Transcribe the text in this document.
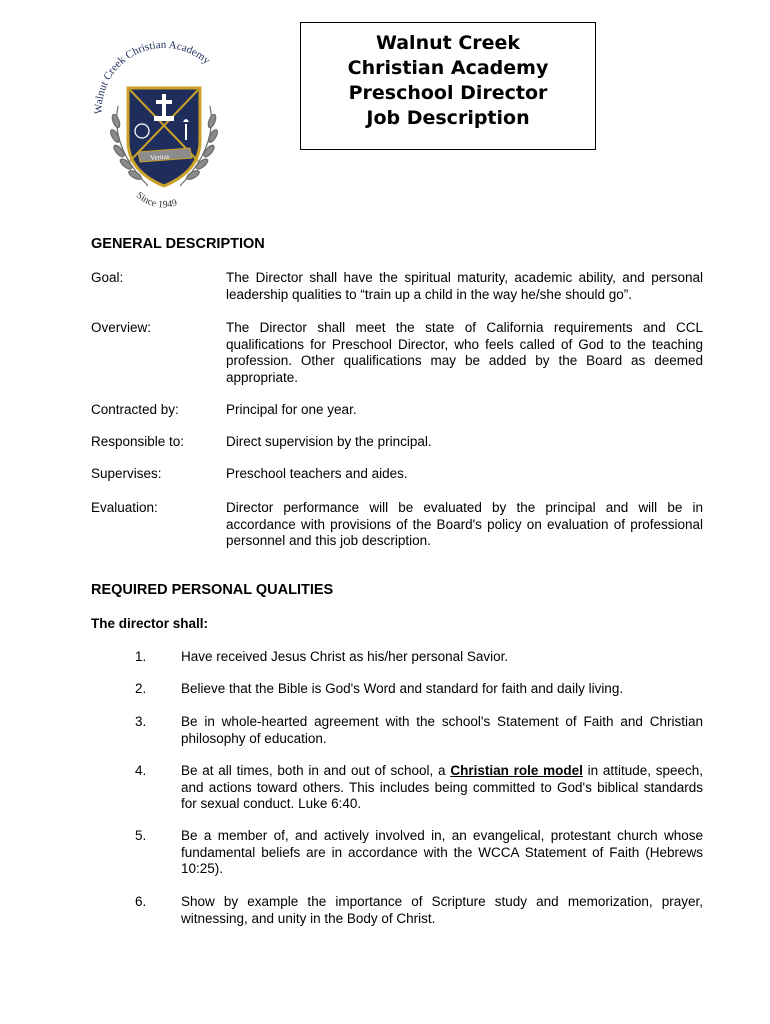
Walnut Creek Christian Academy
Veritas
Since 1949
Walnut Creek
Christian Academy
Preschool Director
Job Description
GENERAL DESCRIPTION
Goal:	The Director shall have the spiritual maturity, academic ability, and personal leadership qualities to “train up a child in the way he/she should go”.
Overview:	The Director shall meet the state of California requirements and CCL qualifications for Preschool Director, who feels called of God to the teaching profession. Other qualifications may be added by the Board as deemed appropriate.
Contracted by:	Principal for one year.
Responsible to:	Direct supervision by the principal.
Supervises:	Preschool teachers and aides.
Evaluation:	Director performance will be evaluated by the principal and will be in accordance with provisions of the Board's policy on evaluation of professional personnel and this job description.
REQUIRED PERSONAL QUALITIES
The director shall:
1.	Have received Jesus Christ as his/her personal Savior.
2.	Believe that the Bible is God's Word and standard for faith and daily living.
3.	Be in whole-hearted agreement with the school's Statement of Faith and Christian philosophy of education.
4.	Be at all times, both in and out of school, a Christian role model in attitude, speech, and actions toward others. This includes being committed to God's biblical standards for sexual conduct. Luke 6:40.
5.	Be a member of, and actively involved in, an evangelical, protestant church whose fundamental beliefs are in accordance with the WCCA Statement of Faith (Hebrews 10:25).
6.	Show by example the importance of Scripture study and memorization, prayer, witnessing, and unity in the Body of Christ.
